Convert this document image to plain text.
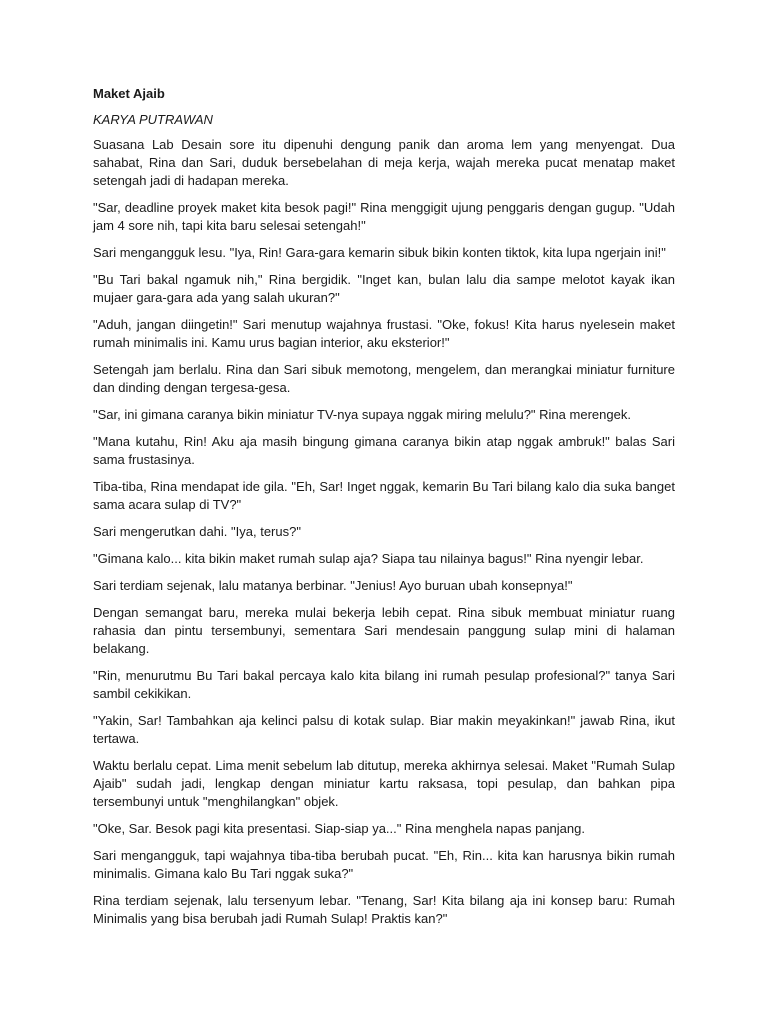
Maket Ajaib
KARYA PUTRAWAN

Suasana Lab Desain sore itu dipenuhi dengung panik dan aroma lem yang menyengat. Dua sahabat, Rina dan Sari, duduk bersebelahan di meja kerja, wajah mereka pucat menatap maket setengah jadi di hadapan mereka.

"Sar, deadline proyek maket kita besok pagi!" Rina menggigit ujung penggaris dengan gugup. "Udah jam 4 sore nih, tapi kita baru selesai setengah!"

Sari mengangguk lesu. "Iya, Rin! Gara-gara kemarin sibuk bikin konten tiktok, kita lupa ngerjain ini!"

"Bu Tari bakal ngamuk nih," Rina bergidik. "Inget kan, bulan lalu dia sampe melotot kayak ikan mujaer gara-gara ada yang salah ukuran?"

"Aduh, jangan diingetin!" Sari menutup wajahnya frustasi. "Oke, fokus! Kita harus nyelesein maket rumah minimalis ini. Kamu urus bagian interior, aku eksterior!"

Setengah jam berlalu. Rina dan Sari sibuk memotong, mengelem, dan merangkai miniatur furniture dan dinding dengan tergesa-gesa.

"Sar, ini gimana caranya bikin miniatur TV-nya supaya nggak miring melulu?" Rina merengek.

"Mana kutahu, Rin! Aku aja masih bingung gimana caranya bikin atap nggak ambruk!" balas Sari sama frustasinya.

Tiba-tiba, Rina mendapat ide gila. "Eh, Sar! Inget nggak, kemarin Bu Tari bilang kalo dia suka banget sama acara sulap di TV?"

Sari mengerutkan dahi. "Iya, terus?"

"Gimana kalo... kita bikin maket rumah sulap aja? Siapa tau nilainya bagus!" Rina nyengir lebar.

Sari terdiam sejenak, lalu matanya berbinar. "Jenius! Ayo buruan ubah konsepnya!"

Dengan semangat baru, mereka mulai bekerja lebih cepat. Rina sibuk membuat miniatur ruang rahasia dan pintu tersembunyi, sementara Sari mendesain panggung sulap mini di halaman belakang.

"Rin, menurutmu Bu Tari bakal percaya kalo kita bilang ini rumah pesulap profesional?" tanya Sari sambil cekikikan.

"Yakin, Sar! Tambahkan aja kelinci palsu di kotak sulap. Biar makin meyakinkan!" jawab Rina, ikut tertawa.

Waktu berlalu cepat. Lima menit sebelum lab ditutup, mereka akhirnya selesai. Maket "Rumah Sulap Ajaib" sudah jadi, lengkap dengan miniatur kartu raksasa, topi pesulap, dan bahkan pipa tersembunyi untuk "menghilangkan" objek.

"Oke, Sar. Besok pagi kita presentasi. Siap-siap ya..." Rina menghela napas panjang.

Sari mengangguk, tapi wajahnya tiba-tiba berubah pucat. "Eh, Rin... kita kan harusnya bikin rumah minimalis. Gimana kalo Bu Tari nggak suka?"

Rina terdiam sejenak, lalu tersenyum lebar. "Tenang, Sar! Kita bilang aja ini konsep baru: Rumah Minimalis yang bisa berubah jadi Rumah Sulap! Praktis kan?"
